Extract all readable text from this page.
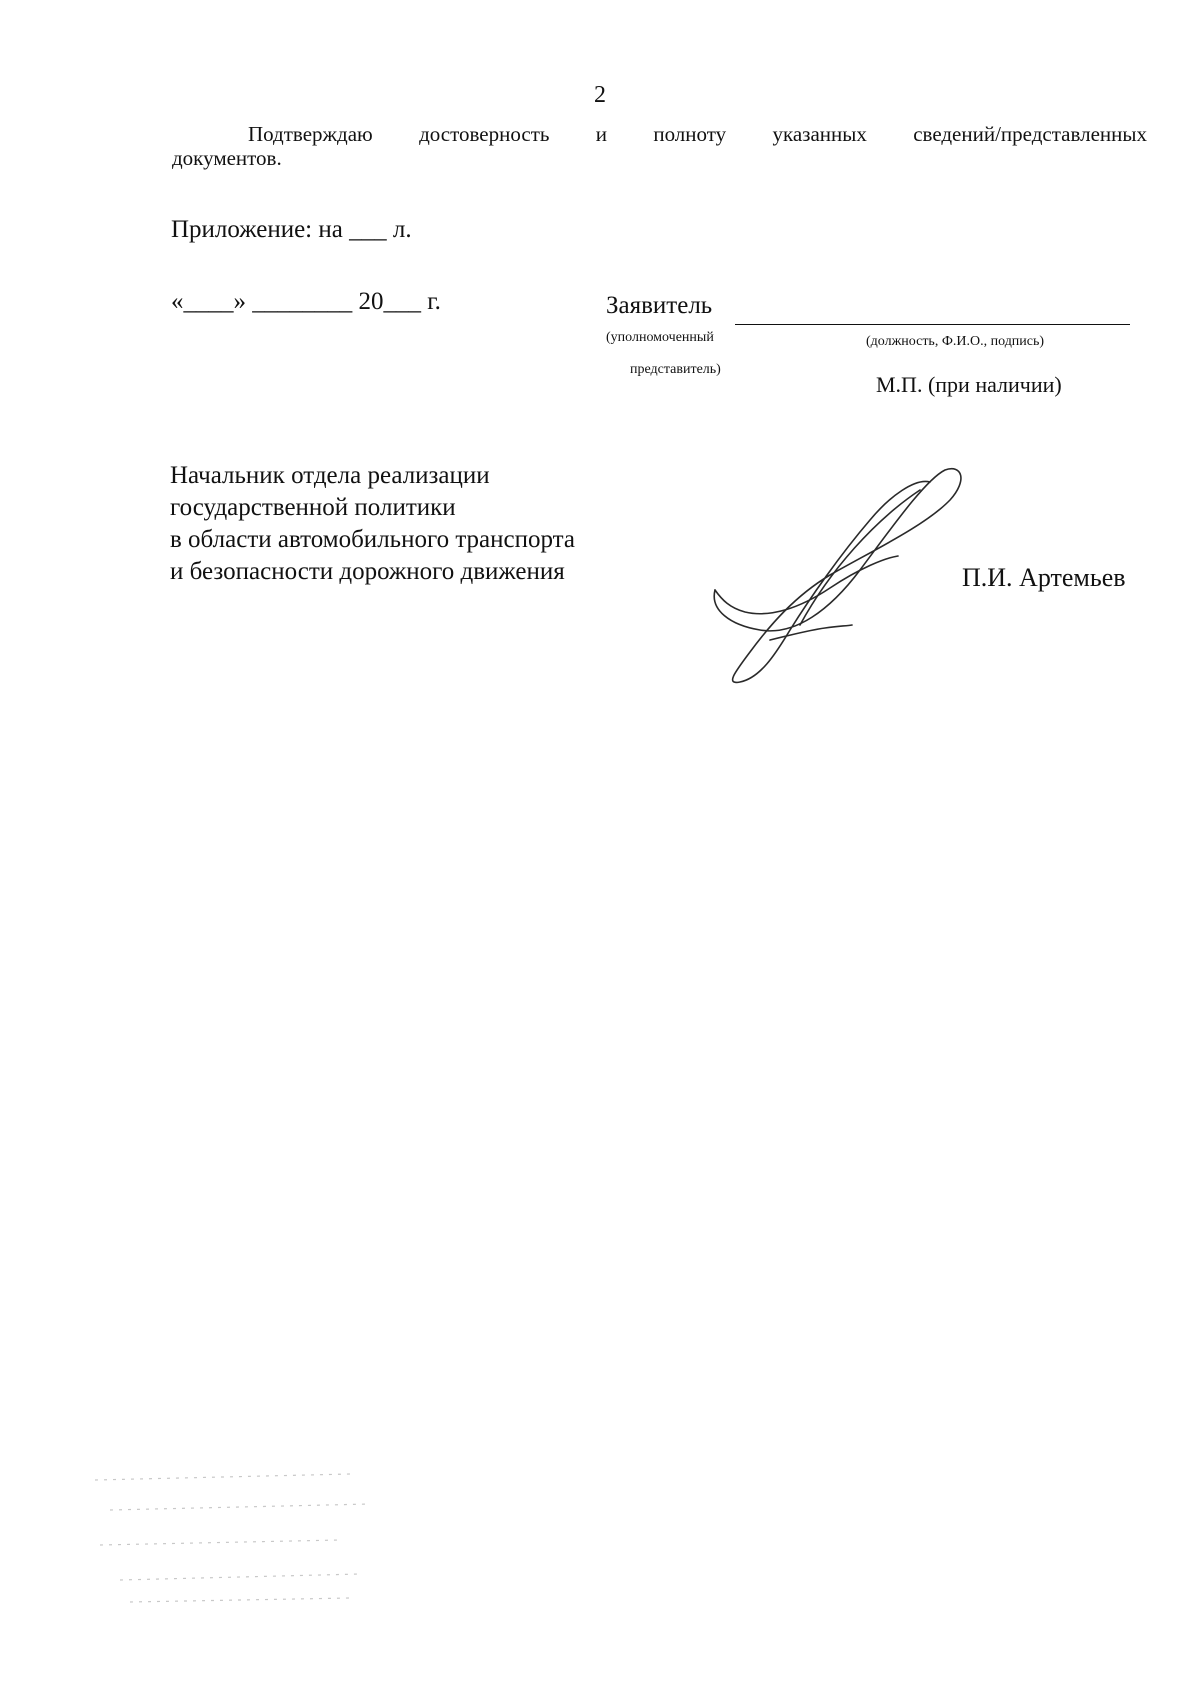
2
Подтверждаю достоверность и полноту указанных сведений/представленных
документов.
Приложение: на ___ л.
«____» ________ 20___ г.	Заявитель
(уполномоченный
представитель)
(должность, Ф.И.О., подпись)
М.П. (при наличии)
Начальник отдела реализации
государственной политики
в области автомобильного транспорта
и безопасности дорожного движения	П.И. Артемьев
